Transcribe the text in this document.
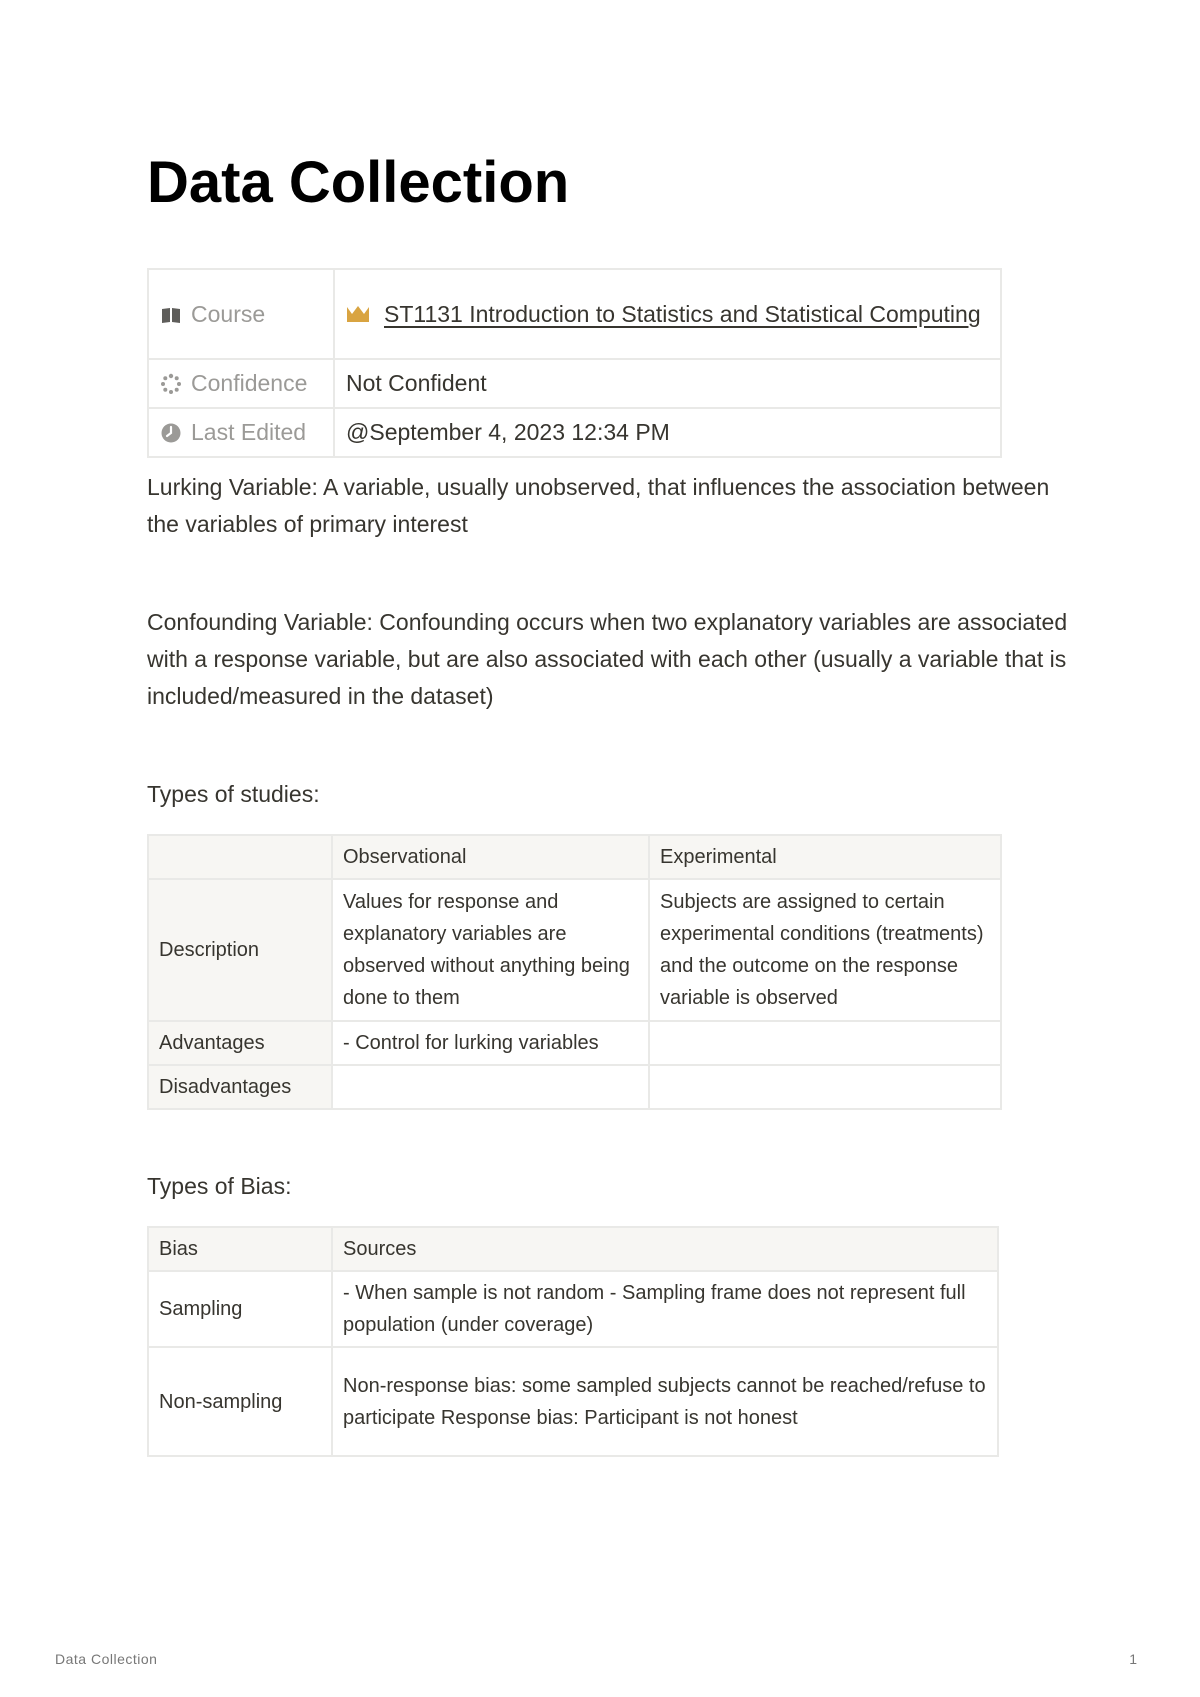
Data Collection
Course	ST1131 Introduction to Statistics and Statistical Computing
Confidence	Not Confident
Last Edited	@September 4, 2023 12:34 PM

Lurking Variable: A variable, usually unobserved, that influences the association between the variables of primary interest

Confounding Variable: Confounding occurs when two explanatory variables are associated with a response variable, but are also associated with each other (usually a variable that is included/measured in the dataset)

Types of studies:

	Observational	Experimental
Description	Values for response and explanatory variables are observed without anything being done to them	Subjects are assigned to certain experimental conditions (treatments) and the outcome on the response variable is observed
Advantages	- Control for lurking variables	
Disadvantages		

Types of Bias:

Bias	Sources
Sampling	- When sample is not random - Sampling frame does not represent full population (under coverage)
Non-sampling	Non-response bias: some sampled subjects cannot be reached/refuse to participate Response bias: Participant is not honest
Data Collection	1
